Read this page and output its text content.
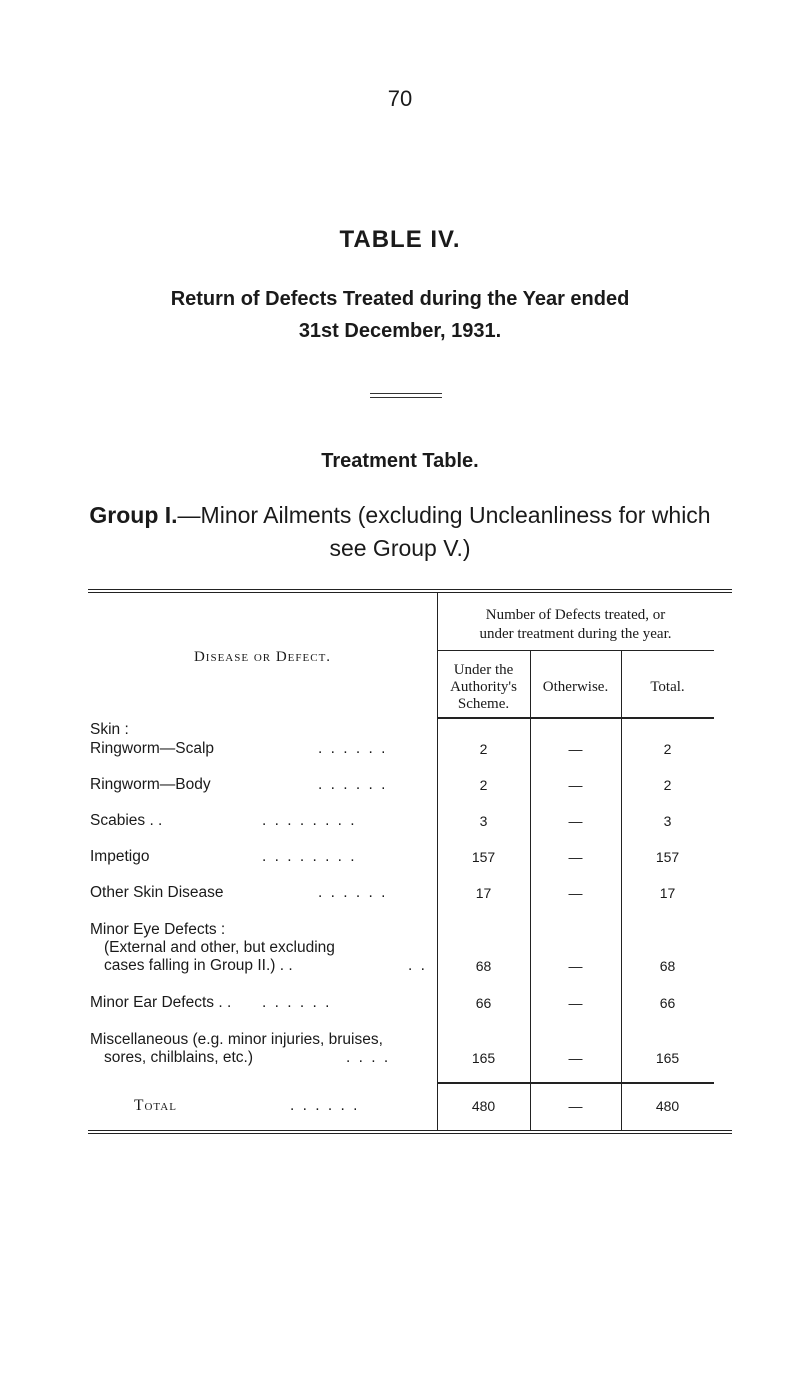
70
TABLE IV.
Return of Defects Treated during the Year ended
31st December, 1931.
Treatment Table.
Group I.—Minor Ailments (excluding Uncleanliness for which
see Group V.)
Disease or Defect.
Number of Defects treated, or
under treatment during the year.
Under the
Authority's
Scheme.
Otherwise.	Total.
Skin :
Ringworm—Scalp	. . . . . .	2	—	2
Ringworm—Body	. . . . . .	2	—	2
Scabies . .	. . . . . . . .	3	—	3
Impetigo	. . . . . . . .	157	—	157
Other Skin Disease	. . . . . .	17	—	17
Minor Eye Defects :
(External and other, but excluding
cases falling in Group II.) . .	. .	68	—	68
Minor Ear Defects . . . . . . . .	66	—	66
Miscellaneous (e.g. minor injuries, bruises,
sores, chilblains, etc.)	. . . .	165	—	165
Total	. . . . . .	480	—	480
